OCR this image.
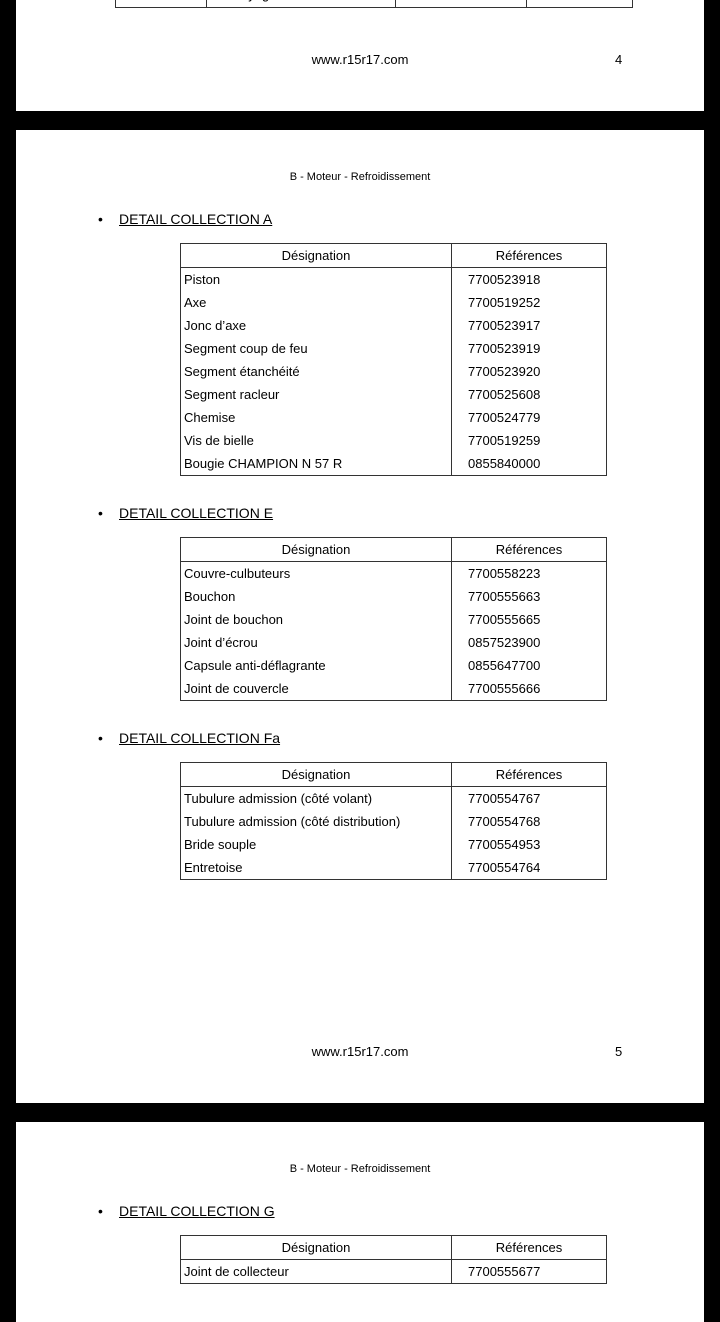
www.r15r17.com	4
B - Moteur - Refroidissement
• DETAIL COLLECTION A
Désignation	Références
Piston	7700523918
Axe	7700519252
Jonc d’axe	7700523917
Segment coup de feu	7700523919
Segment étanchéité	7700523920
Segment racleur	7700525608
Chemise	7700524779
Vis de bielle	7700519259
Bougie CHAMPION N 57 R	0855840000
• DETAIL COLLECTION E
Désignation	Références
Couvre-culbuteurs	7700558223
Bouchon	7700555663
Joint de bouchon	7700555665
Joint d’écrou	0857523900
Capsule anti-déflagrante	0855647700
Joint de couvercle	7700555666
• DETAIL COLLECTION Fa
Désignation	Références
Tubulure admission (côté volant)	7700554767
Tubulure admission (côté distribution)	7700554768
Bride souple	7700554953
Entretoise	7700554764
www.r15r17.com	5
B - Moteur - Refroidissement
• DETAIL COLLECTION G
Désignation	Références
Joint de collecteur	7700555677
